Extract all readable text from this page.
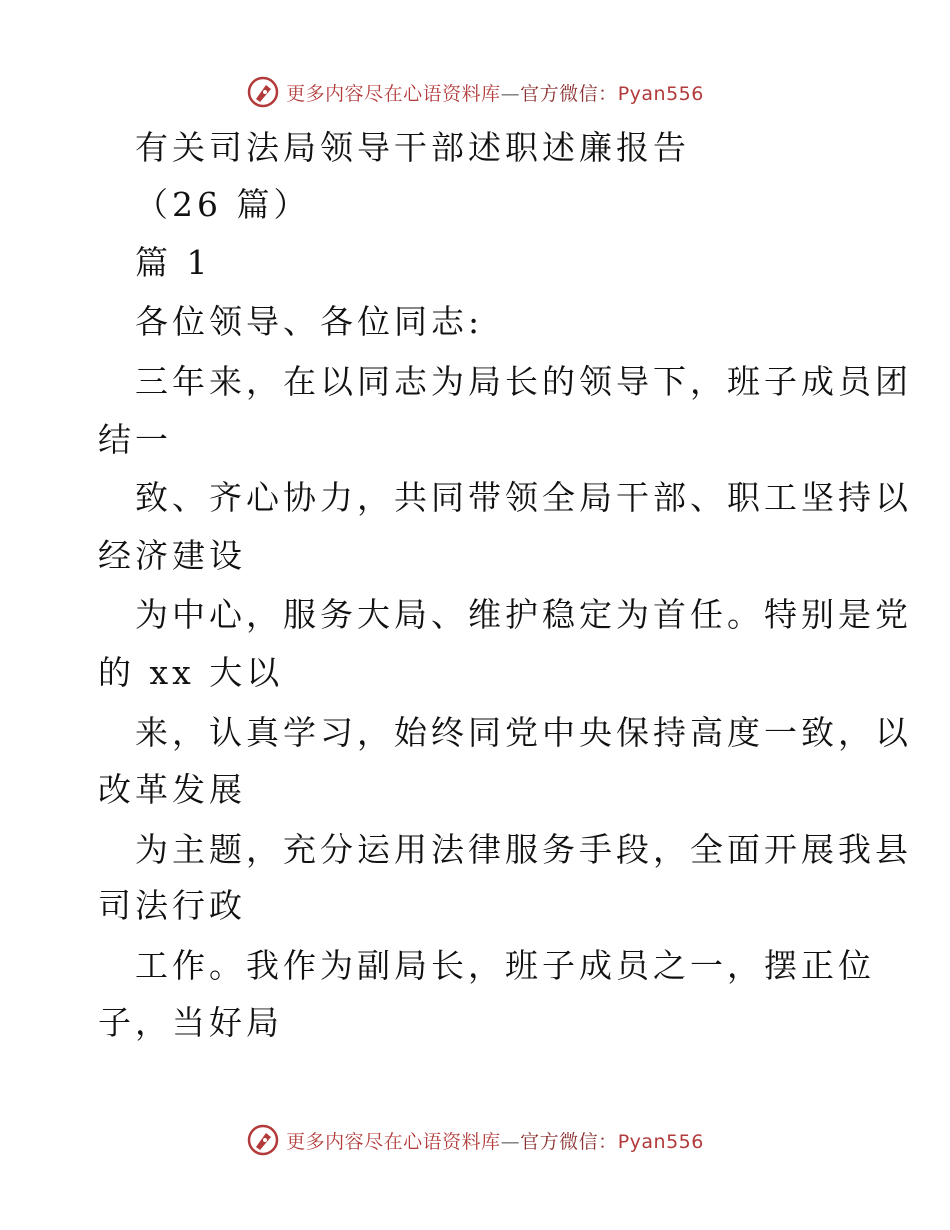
更多内容尽在心语资料库—官方微信：Pyan556
有关司法局领导干部述职述廉报告
（26 篇）
篇 1
各位领导、各位同志:
三年来，在以同志为局长的领导下，班子成员团
结一
致、齐心协力，共同带领全局干部、职工坚持以
经济建设
为中心，服务大局、维护稳定为首任。特别是党
的 xx 大以
来，认真学习，始终同党中央保持高度一致，以
改革发展
为主题，充分运用法律服务手段，全面开展我县
司法行政
工作。我作为副局长，班子成员之一，摆正位
子，当好局
更多内容尽在心语资料库—官方微信：Pyan556
